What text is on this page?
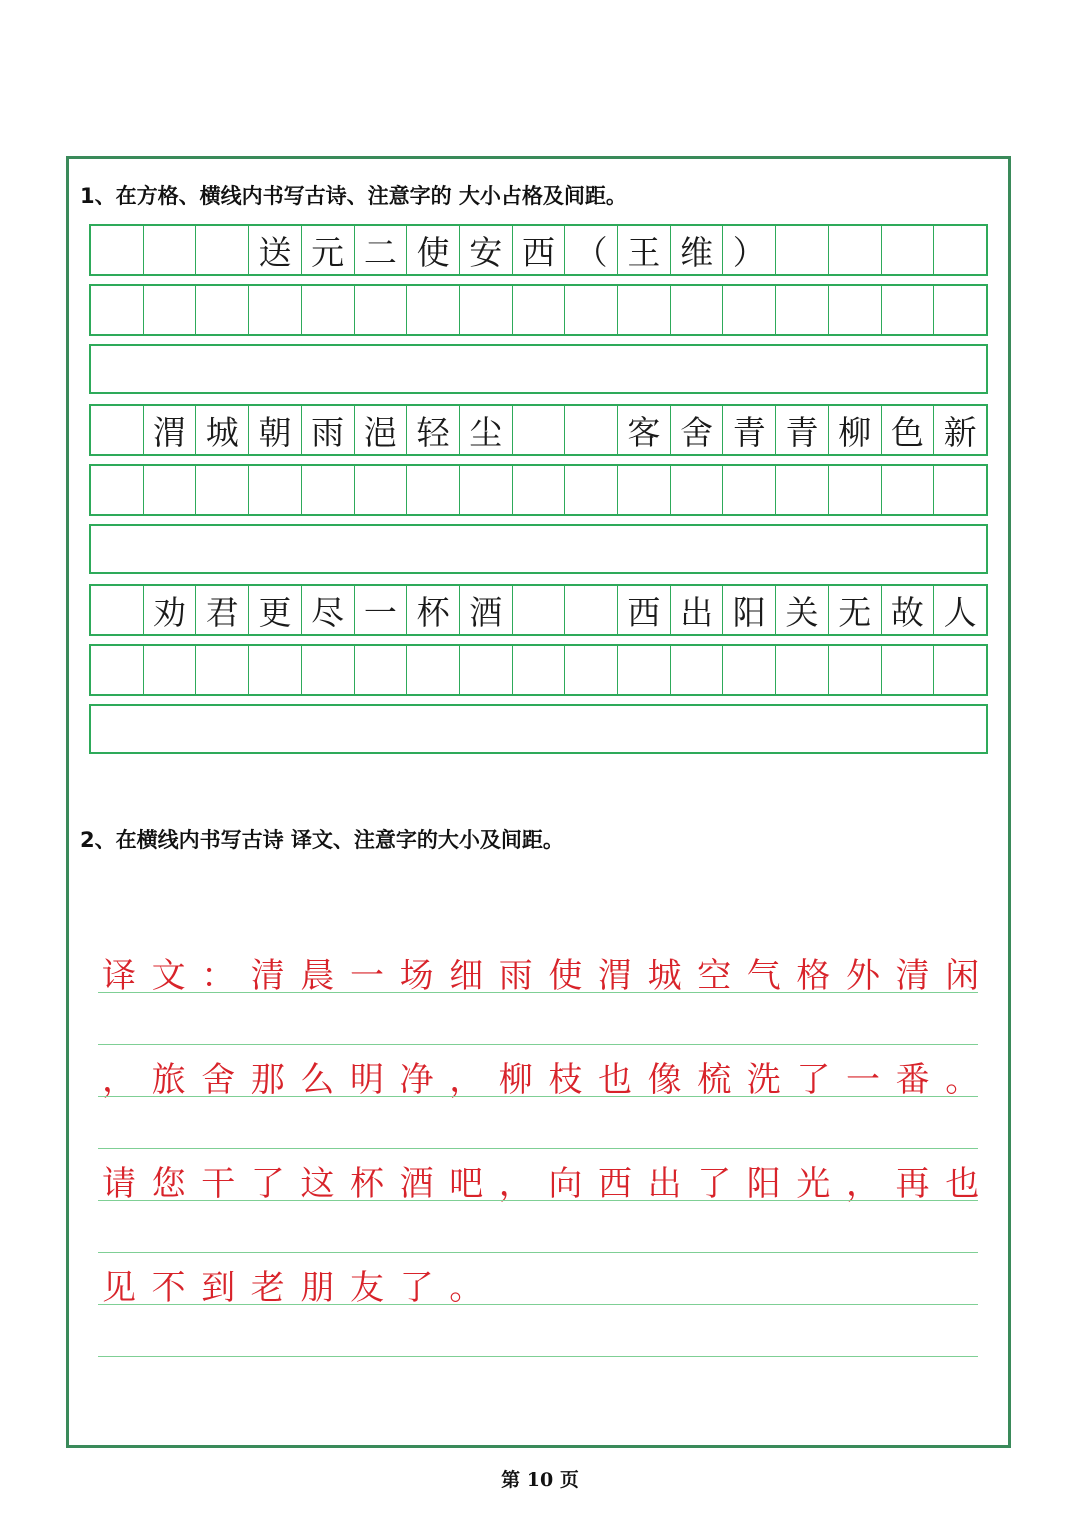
1、在方格、横线内书写古诗、注意字的 大小占格及间距。
送 元 二 使 安 西 （ 王 维 ）
渭 城 朝 雨 浥 轻 尘	客 舍 青 青 柳 色 新
劝 君 更 尽 一 杯 酒	西 出 阳 关 无 故 人
2、在横线内书写古诗 译文、注意字的大小及间距。
译文：清晨一场细雨使渭城空气格外清闲
，旅舍那么明净，柳枝也像梳洗了一番。
请您干了这杯酒吧，向西出了阳光，再也
见不到老朋友了。
第 10 页
